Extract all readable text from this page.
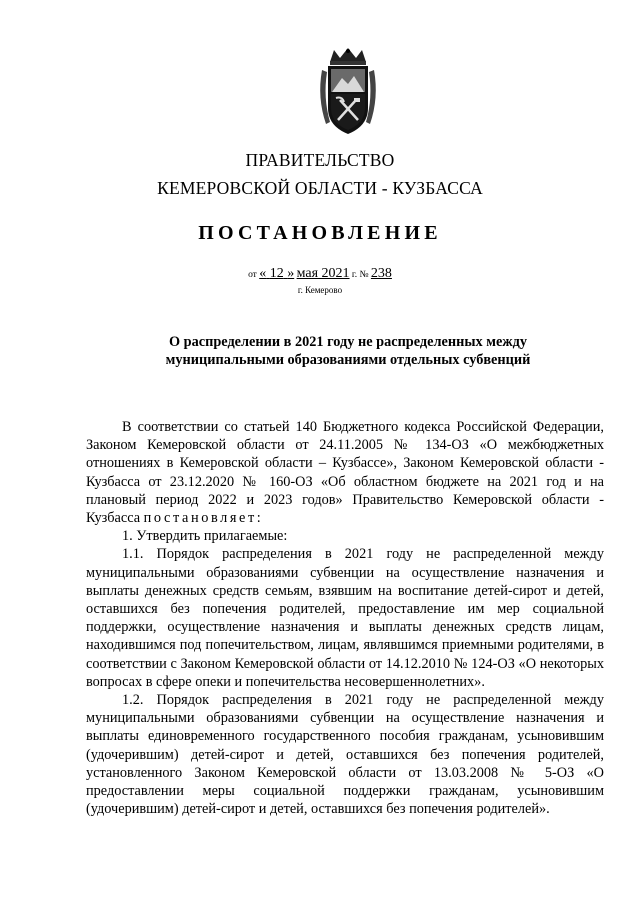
ПРАВИТЕЛЬСТВО
КЕМЕРОВСКОЙ ОБЛАСТИ - КУЗБАССА
ПОСТАНОВЛЕНИЕ
от « 12 » мая 2021 г. № 238
г. Кемерово
О распределении в 2021 году не распределенных между
муниципальными образованиями отдельных субвенций

В соответствии со статьей 140 Бюджетного кодекса Российской Федерации, Законом Кемеровской области от 24.11.2005 № 134-ОЗ «О межбюджетных отношениях в Кемеровской области – Кузбассе», Законом Кемеровской области - Кузбасса от 23.12.2020 № 160-ОЗ «Об областном бюджете на 2021 год и на плановый период 2022 и 2023 годов» Правительство Кемеровской области - Кузбасса постановляет:

1. Утвердить прилагаемые:

1.1. Порядок распределения в 2021 году не распределенной между муниципальными образованиями субвенции на осуществление назначения и выплаты денежных средств семьям, взявшим на воспитание детей-сирот и детей, оставшихся без попечения родителей, предоставление им мер социальной поддержки, осуществление назначения и выплаты денежных средств лицам, находившимся под попечительством, лицам, являвшимся приемными родителями, в соответствии с Законом Кемеровской области от 14.12.2010 № 124-ОЗ «О некоторых вопросах в сфере опеки и попечительства несовершеннолетних».

1.2. Порядок распределения в 2021 году не распределенной между муниципальными образованиями субвенции на осуществление назначения и выплаты единовременного государственного пособия гражданам, усыновившим (удочерившим) детей-сирот и детей, оставшихся без попечения родителей, установленного Законом Кемеровской области от 13.03.2008 № 5-ОЗ «О предоставлении меры социальной поддержки гражданам, усыновившим (удочерившим) детей-сирот и детей, оставшихся без попечения родителей».
